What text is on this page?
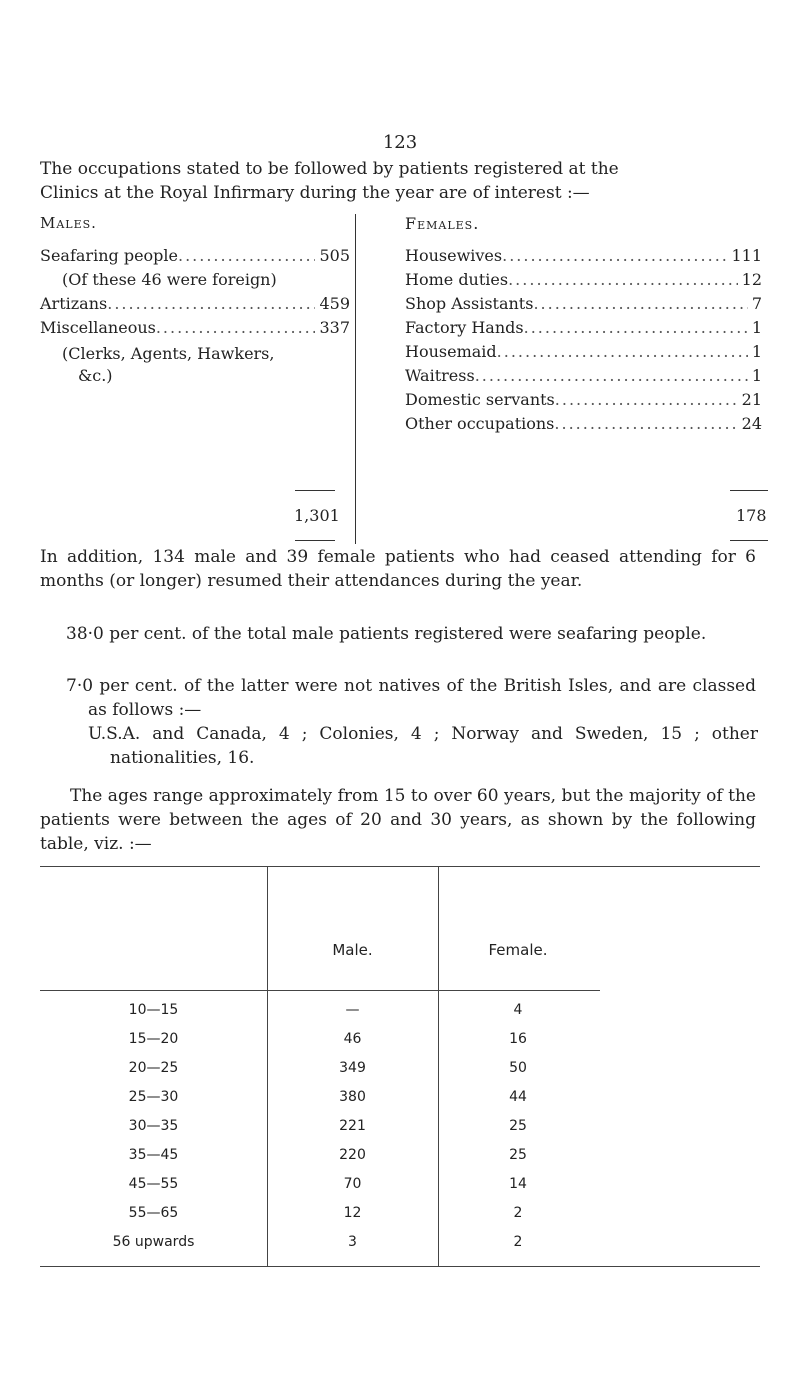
123
The occupations stated to be followed by patients registered at the
Clinics at the Royal Infirmary during the year are of interest :—
Males.	Females.
Seafaring people .....	505
(Of these 46 were foreign)
Artizans .....	459
Miscellaneous .....	337
(Clerks, Agents, Hawkers,
&c.)
1,301
Housewives .....	111
Home duties .....	12
Shop Assistants .....	7
Factory Hands .....	1
Housemaid .....	1
Waitress .....	1
Domestic servants .....	21
Other occupations .....	24
178
In addition, 134 male and 39 female patients who had ceased attending for 6 months (or longer) resumed their attendances during the year.
38·0 per cent. of the total male patients registered were seafaring people.
7·0 per cent. of the latter were not natives of the British Isles, and are classed as follows :—
U.S.A. and Canada, 4 ; Colonies, 4 ; Norway and Sweden, 15 ; other nationalities, 16.
The ages range approximately from 15 to over 60 years, but the majority of the patients were between the ages of 20 and 30 years, as shown by the following table, viz. :—
Male.	Female.
10—15	—	4
15—20	46	16
20—25	349	50
25—30	380	44
30—35	221	25
35—45	220	25
45—55	70	14
55—65	12	2
56 upwards	3	2
